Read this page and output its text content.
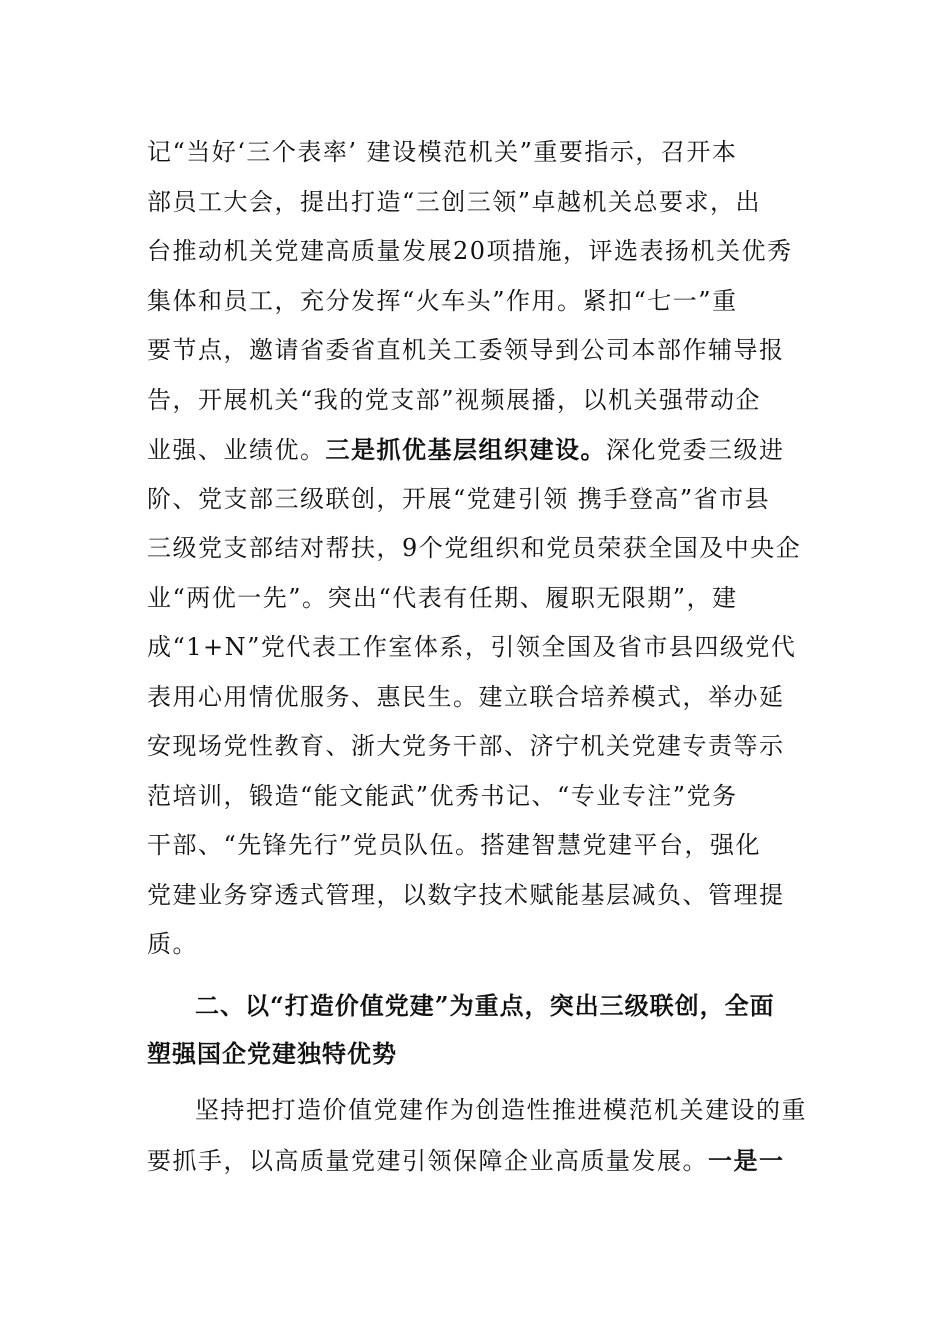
记“当好‘三个表率’ 建设模范机关”重要指示，召开本
部员工大会，提出打造“三创三领”卓越机关总要求，出
台推动机关党建高质量发展20项措施，评选表扬机关优秀
集体和员工，充分发挥“火车头”作用。紧扣“七一”重
要节点，邀请省委省直机关工委领导到公司本部作辅导报
告，开展机关“我的党支部”视频展播，以机关强带动企
业强、业绩优。三是抓优基层组织建设。深化党委三级进
阶、党支部三级联创，开展“党建引领 携手登高”省市县
三级党支部结对帮扶，9个党组织和党员荣获全国及中央企
业“两优一先”。突出“代表有任期、履职无限期”，建
成“1+N”党代表工作室体系，引领全国及省市县四级党代
表用心用情优服务、惠民生。建立联合培养模式，举办延
安现场党性教育、浙大党务干部、济宁机关党建专责等示
范培训，锻造“能文能武”优秀书记、“专业专注”党务
干部、“先锋先行”党员队伍。搭建智慧党建平台，强化
党建业务穿透式管理，以数字技术赋能基层减负、管理提
质。
二、以“打造价值党建”为重点，突出三级联创，全面
塑强国企党建独特优势
坚持把打造价值党建作为创造性推进模范机关建设的重
要抓手，以高质量党建引领保障企业高质量发展。一是一
